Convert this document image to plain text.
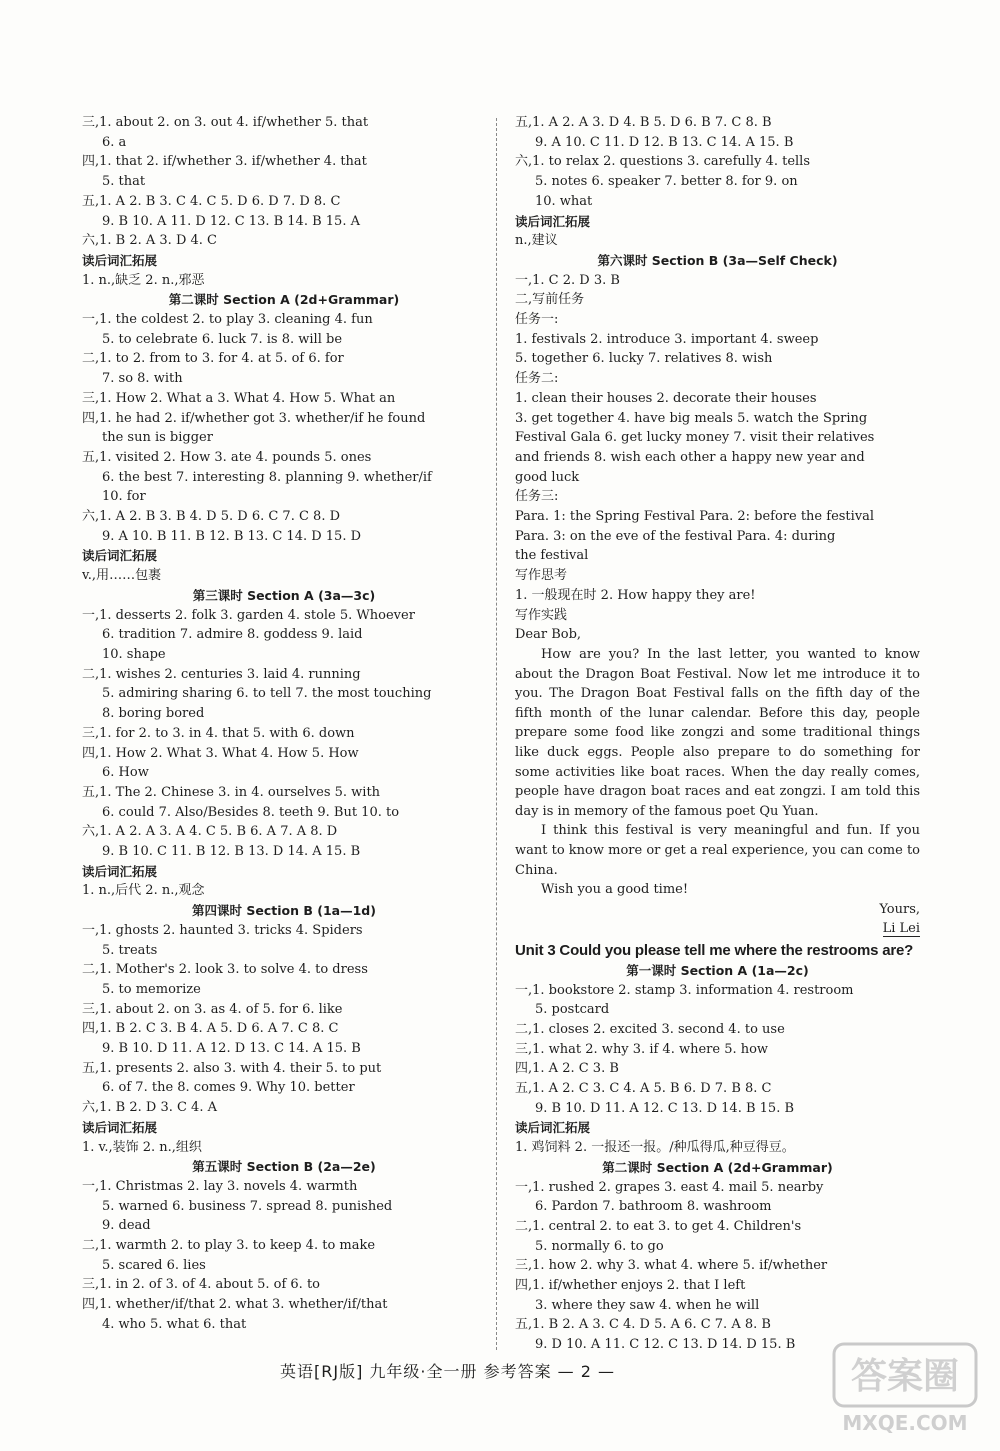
三,1. about 2. on 3. out 4. if/whether 5. that
6. a
四,1. that 2. if/whether 3. if/whether 4. that
5. that
五,1. A 2. B 3. C 4. C 5. D 6. D 7. D 8. C
9. B 10. A 11. D 12. C 13. B 14. B 15. A
六,1. B 2. A 3. D 4. C
读后词汇拓展
1. n.,缺乏 2. n.,邪恶
第二课时 Section A (2d+Grammar)
一,1. the coldest 2. to play 3. cleaning 4. fun
5. to celebrate 6. luck 7. is 8. will be
二,1. to 2. from to 3. for 4. at 5. of 6. for
7. so 8. with
三,1. How 2. What a 3. What 4. How 5. What an
四,1. he had 2. if/whether got 3. whether/if he found
the sun is bigger
五,1. visited 2. How 3. ate 4. pounds 5. ones
6. the best 7. interesting 8. planning 9. whether/if
10. for
六,1. A 2. B 3. B 4. D 5. D 6. C 7. C 8. D
9. A 10. B 11. B 12. B 13. C 14. D 15. D
读后词汇拓展
v.,用……包裹
第三课时 Section A (3a—3c)
一,1. desserts 2. folk 3. garden 4. stole 5. Whoever
6. tradition 7. admire 8. goddess 9. laid
10. shape
二,1. wishes 2. centuries 3. laid 4. running
5. admiring sharing 6. to tell 7. the most touching
8. boring bored
三,1. for 2. to 3. in 4. that 5. with 6. down
四,1. How 2. What 3. What 4. How 5. How
6. How
五,1. The 2. Chinese 3. in 4. ourselves 5. with
6. could 7. Also/Besides 8. teeth 9. But 10. to
六,1. A 2. A 3. A 4. C 5. B 6. A 7. A 8. D
9. B 10. C 11. B 12. B 13. D 14. A 15. B
读后词汇拓展
1. n.,后代 2. n.,观念
第四课时 Section B (1a—1d)
一,1. ghosts 2. haunted 3. tricks 4. Spiders
5. treats
二,1. Mother's 2. look 3. to solve 4. to dress
5. to memorize
三,1. about 2. on 3. as 4. of 5. for 6. like
四,1. B 2. C 3. B 4. A 5. D 6. A 7. C 8. C
9. B 10. D 11. A 12. D 13. C 14. A 15. B
五,1. presents 2. also 3. with 4. their 5. to put
6. of 7. the 8. comes 9. Why 10. better
六,1. B 2. D 3. C 4. A
读后词汇拓展
1. v.,装饰 2. n.,组织
第五课时 Section B (2a—2e)
一,1. Christmas 2. lay 3. novels 4. warmth
5. warned 6. business 7. spread 8. punished
9. dead
二,1. warmth 2. to play 3. to keep 4. to make
5. scared 6. lies
三,1. in 2. of 3. of 4. about 5. of 6. to
四,1. whether/if/that 2. what 3. whether/if/that
4. who 5. what 6. that
五,1. A 2. A 3. D 4. B 5. D 6. B 7. C 8. B
9. A 10. C 11. D 12. B 13. C 14. A 15. B
六,1. to relax 2. questions 3. carefully 4. tells
5. notes 6. speaker 7. better 8. for 9. on
10. what
读后词汇拓展
n.,建议
第六课时 Section B (3a—Self Check)
一,1. C 2. D 3. B
二,写前任务
任务一:
1. festivals 2. introduce 3. important 4. sweep
5. together 6. lucky 7. relatives 8. wish
任务二:
1. clean their houses 2. decorate their houses
3. get together 4. have big meals 5. watch the Spring
Festival Gala 6. get lucky money 7. visit their relatives
and friends 8. wish each other a happy new year and
good luck
任务三:
Para. 1: the Spring Festival Para. 2: before the festival
Para. 3: on the eve of the festival Para. 4: during
the festival
写作思考
1. 一般现在时 2. How happy they are!
写作实践
Dear Bob,
How are you? In the last letter, you wanted to know about the Dragon Boat Festival. Now let me introduce it to you. The Dragon Boat Festival falls on the fifth day of the fifth month of the lunar calendar. Before this day, people prepare some food like zongzi and some traditional things like duck eggs. People also prepare to do something for some activities like boat races. When the day really comes, people have dragon boat races and eat zongzi. I am told this day is in memory of the famous poet Qu Yuan.
I think this festival is very meaningful and fun. If you want to know more or get a real experience, you can come to China.
Wish you a good time!
Yours,
Li Lei
Unit 3 Could you please tell me where the restrooms are?
第一课时 Section A (1a—2c)
一,1. bookstore 2. stamp 3. information 4. restroom
5. postcard
二,1. closes 2. excited 3. second 4. to use
三,1. what 2. why 3. if 4. where 5. how
四,1. A 2. C 3. B
五,1. A 2. C 3. C 4. A 5. B 6. D 7. B 8. C
9. B 10. D 11. A 12. C 13. D 14. B 15. B
读后词汇拓展
1. 鸡饲料 2. 一报还一报。/种瓜得瓜,种豆得豆。
第二课时 Section A (2d+Grammar)
一,1. rushed 2. grapes 3. east 4. mail 5. nearby
6. Pardon 7. bathroom 8. washroom
二,1. central 2. to eat 3. to get 4. Children's
5. normally 6. to go
三,1. how 2. why 3. what 4. where 5. if/whether
四,1. if/whether enjoys 2. that I left
3. where they saw 4. when he will
五,1. B 2. A 3. C 4. D 5. A 6. C 7. A 8. B
9. D 10. A 11. C 12. C 13. D 14. D 15. B
英语[RJ版] 九年级·全一册 参考答案 — 2 —	答案圈
MXQE.COM
